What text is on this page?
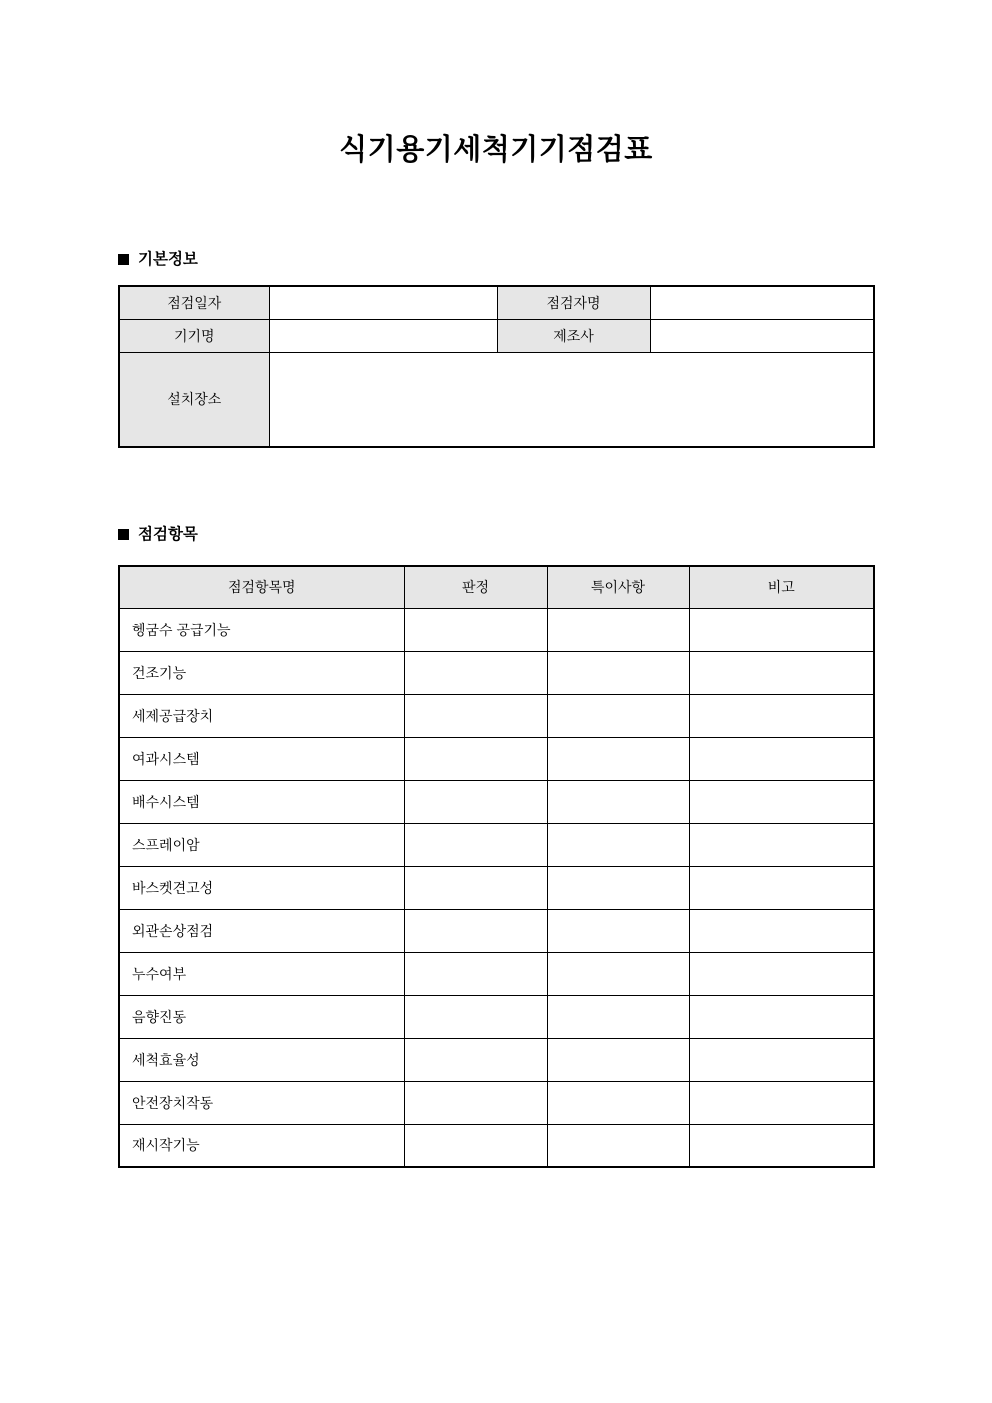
식기용기세척기기점검표
기본정보
점검일자		점검자명	
기기명		제조사	
설치장소			
점검항목
점검항목명	판정	특이사항	비고
헹굼수 공급기능			
건조기능			
세제공급장치			
여과시스템			
배수시스템			
스프레이암			
바스켓견고성			
외관손상점검			
누수여부			
음향진동			
세척효율성			
안전장치작동			
재시작기능			
